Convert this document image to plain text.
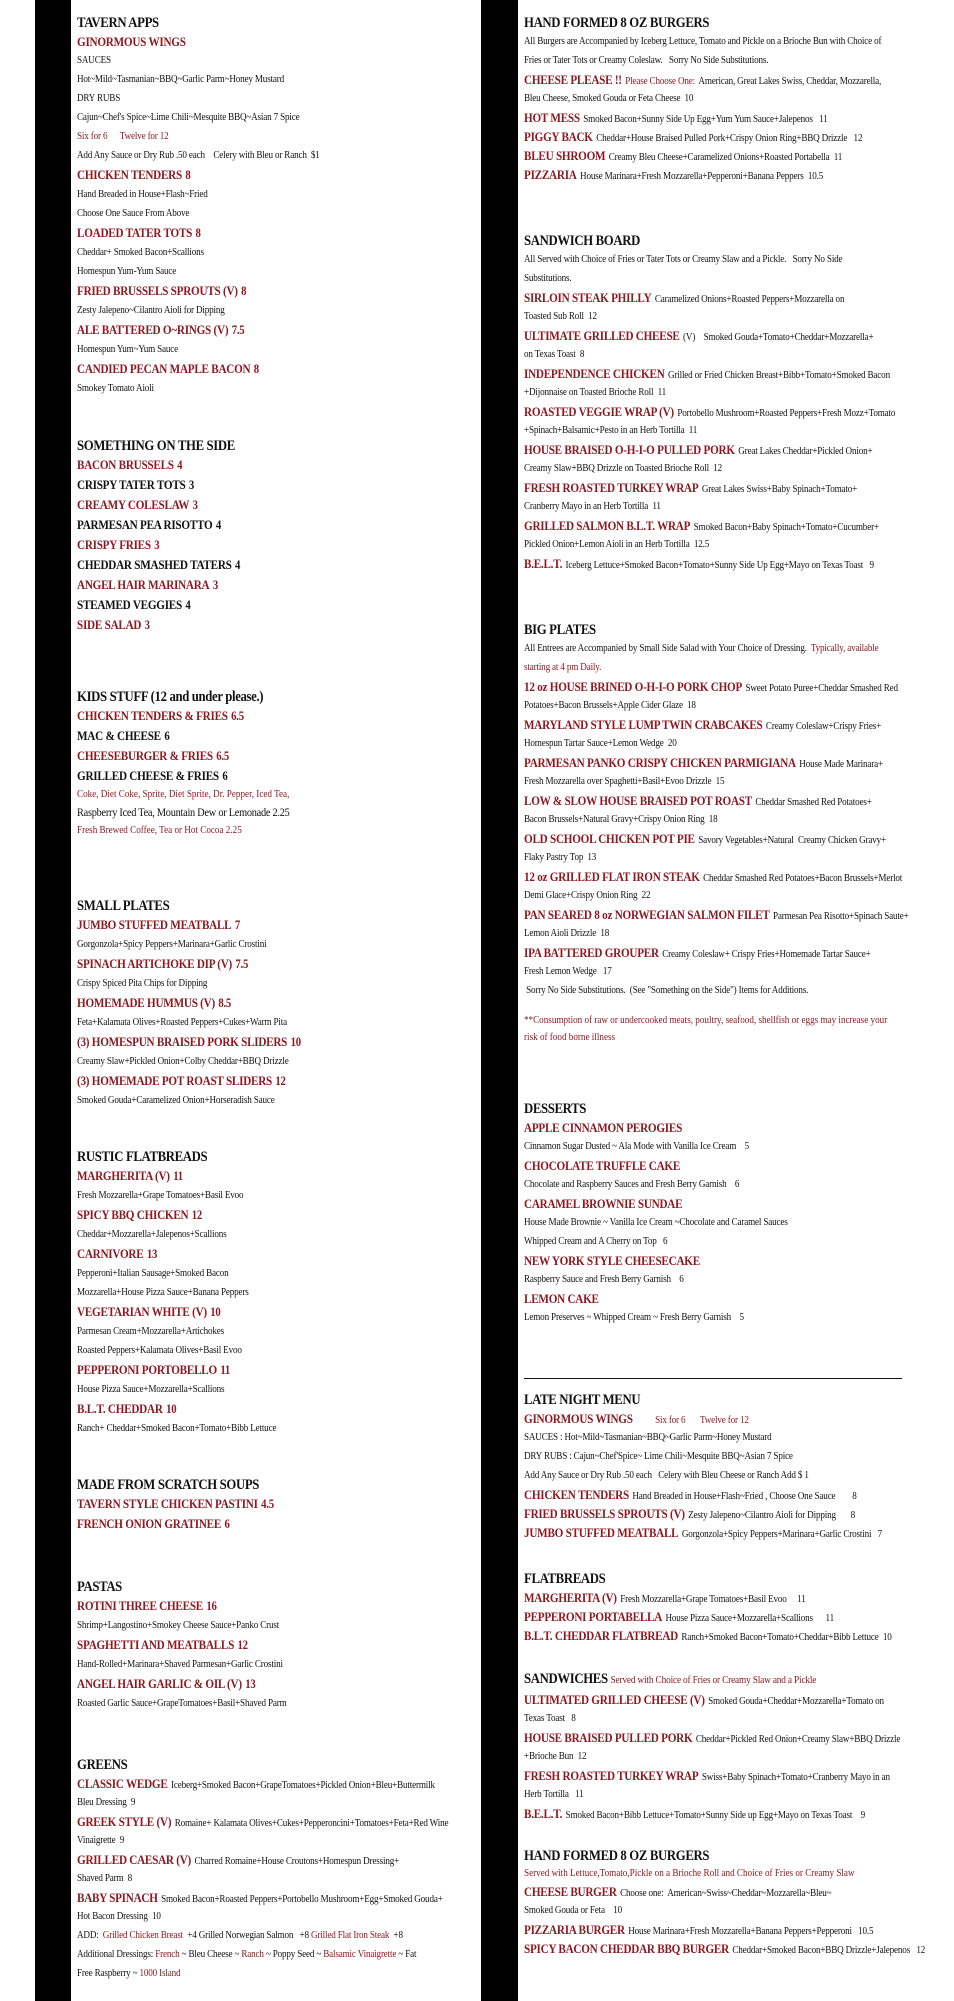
TAVERN APPS
GINORMOUS WINGS
SAUCES
Hot~Mild~Tasmanian~BBQ~Garlic Parm~Honey Mustard
DRY RUBS
Cajun~Chef's Spice~Lime Chili~Mesquite BBQ~Asian 7 Spice
Six for 6      Twelve for 12
Add Any Sauce or Dry Rub .50 each    Celery with Bleu or Ranch  $1
CHICKEN TENDERS 8
Hand Breaded in House+Flash~Fried
Choose One Sauce From Above
LOADED TATER TOTS 8
Cheddar+ Smoked Bacon+Scallions
Homespun Yum-Yum Sauce
FRIED BRUSSELS SPROUTS (V) 8
Zesty Jalepeno~Cilantro Aioli for Dipping
ALE BATTERED O~RINGS (V) 7.5
Homespun Yum~Yum Sauce
CANDIED PECAN MAPLE BACON 8
Smokey Tomato Aioli
SOMETHING ON THE SIDE
BACON BRUSSELS 4
CRISPY TATER TOTS 3
CREAMY COLESLAW 3
PARMESAN PEA RISOTTO 4
CRISPY FRIES 3
CHEDDAR SMASHED TATERS 4
ANGEL HAIR MARINARA 3
STEAMED VEGGIES 4
SIDE SALAD 3
KIDS STUFF (12 and under please.)
CHICKEN TENDERS & FRIES 6.5
MAC & CHEESE 6
CHEESEBURGER & FRIES 6.5
GRILLED CHEESE & FRIES 6
Coke, Diet Coke, Sprite, Diet Sprite, Dr. Pepper, Iced Tea,
Raspberry Iced Tea, Mountain Dew or Lemonade 2.25
Fresh Brewed Coffee, Tea or Hot Cocoa 2.25
SMALL PLATES
JUMBO STUFFED MEATBALL 7
Gorgonzola+Spicy Peppers+Marinara+Garlic Crostini
SPINACH ARTICHOKE DIP (V) 7.5
Crispy Spiced Pita Chips for Dipping
HOMEMADE HUMMUS (V) 8.5
Feta+Kalamata Olives+Roasted Peppers+Cukes+Warm Pita
(3) HOMESPUN BRAISED PORK SLIDERS 10
Creamy Slaw+Pickled Onion+Colby Cheddar+BBQ Drizzle
(3) HOMEMADE POT ROAST SLIDERS 12
Smoked Gouda+Caramelized Onion+Horseradish Sauce
RUSTIC FLATBREADS
MARGHERITA (V) 11
Fresh Mozzarella+Grape Tomatoes+Basil Evoo
SPICY BBQ CHICKEN 12
Cheddar+Mozzarella+Jalepenos+Scallions
CARNIVORE 13
Pepperoni+Italian Sausage+Smoked Bacon
Mozzarella+House Pizza Sauce+Banana Peppers
VEGETARIAN WHITE (V) 10
Parmesan Cream+Mozzarella+Artichokes
Roasted Peppers+Kalamata Olives+Basil Evoo
PEPPERONI PORTOBELLO 11
House Pizza Sauce+Mozzarella+Scallions
B.L.T. CHEDDAR 10
Ranch+ Cheddar+Smoked Bacon+Tomato+Bibb Lettuce
MADE FROM SCRATCH SOUPS
TAVERN STYLE CHICKEN PASTINI 4.5
FRENCH ONION GRATINEE 6
PASTAS
ROTINI THREE CHEESE 16
Shrimp+Langostino+Smokey Cheese Sauce+Panko Crust
SPAGHETTI AND MEATBALLS 12
Hand-Rolled+Marinara+Shaved Parmesan+Garlic Crostini
ANGEL HAIR GARLIC & OIL (V) 13
Roasted Garlic Sauce+GrapeTomatoes+Basil+Shaved Parm
GREENS
CLASSIC WEDGE Iceberg+Smoked Bacon+GrapeTomatoes+Pickled Onion+Bleu+Buttermilk
Bleu Dressing  9
GREEK STYLE (V) Romaine+ Kalamata Olives+Cukes+Pepperoncini+Tomatoes+Feta+Red Wine
Vinaigrette  9
GRILLED CAESAR (V) Charred Romaine+House Croutons+Homespun Dressing+
Shaved Parm  8
BABY SPINACH Smoked Bacon+Roasted Peppers+Portobello Mushroom+Egg+Smoked Gouda+
Hot Bacon Dressing  10
ADD:  Grilled Chicken Breast  +4 Grilled Norwegian Salmon   +8 Grilled Flat Iron Steak  +8
Additional Dressings: French ~ Bleu Cheese ~ Ranch ~ Poppy Seed ~ Balsamic Vinaigrette ~ Fat
Free Raspberry ~ 1000 Island
HAND FORMED 8 OZ BURGERS
All Burgers are Accompanied by Iceberg Lettuce, Tomato and Pickle on a Brioche Bun with Choice of
Fries or Tater Tots or Creamy Coleslaw.   Sorry No Side Substitutions.
CHEESE PLEASE !! Please Choose One: American, Great Lakes Swiss, Cheddar, Mozzarella,
Bleu Cheese, Smoked Gouda or Feta Cheese  10
HOT MESS Smoked Bacon+Sunny Side Up Egg+Yum Yum Sauce+Jalepenos   11
PIGGY BACK Cheddar+House Braised Pulled Pork+Crispy Onion Ring+BBQ Drizzle   12
BLEU SHROOM Creamy Bleu Cheese+Caramelized Onions+Roasted Portabella  11
PIZZARIA House Marinara+Fresh Mozzarella+Pepperoni+Banana Peppers  10.5
SANDWICH BOARD
All Served with Choice of Fries or Tater Tots or Creamy Slaw and a Pickle.   Sorry No Side
Substitutions.
SIRLOIN STEAK PHILLY Caramelized Onions+Roasted Peppers+Mozzarella on
Toasted Sub Roll  12
ULTIMATE GRILLED CHEESE (V)    Smoked Gouda+Tomato+Cheddar+Mozzarella+
on Texas Toast  8
INDEPENDENCE CHICKEN Grilled or Fried Chicken Breast+Bibb+Tomato+Smoked Bacon
+Dijonnaise on Toasted Brioche Roll  11
ROASTED VEGGIE WRAP (V) Portobello Mushroom+Roasted Peppers+Fresh Mozz+Tomato
+Spinach+Balsamic+Pesto in an Herb Tortilla  11
HOUSE BRAISED O-H-I-O PULLED PORK Great Lakes Cheddar+Pickled Onion+
Creamy Slaw+BBQ Drizzle on Toasted Brioche Roll  12
FRESH ROASTED TURKEY WRAP Great Lakes Swiss+Baby Spinach+Tomato+
Cranberry Mayo in an Herb Tortilla  11
GRILLED SALMON B.L.T. WRAP Smoked Bacon+Baby Spinach+Tomato+Cucumber+
Pickled Onion+Lemon Aioli in an Herb Tortilla  12.5
B.E.L.T. Iceberg Lettuce+Smoked Bacon+Tomato+Sunny Side Up Egg+Mayo on Texas Toast   9
BIG PLATES
All Entrees are Accompanied by Small Side Salad with Your Choice of Dressing.  Typically, available
starting at 4 pm Daily.
12 oz HOUSE BRINED O-H-I-O PORK CHOP Sweet Potato Puree+Cheddar Smashed Red
Potatoes+Bacon Brussels+Apple Cider Glaze  18
MARYLAND STYLE LUMP TWIN CRABCAKES Creamy Coleslaw+Crispy Fries+
Homespun Tartar Sauce+Lemon Wedge  20
PARMESAN PANKO CRISPY CHICKEN PARMIGIANA House Made Marinara+
Fresh Mozzarella over Spaghetti+Basil+Evoo Drizzle  15
LOW & SLOW HOUSE BRAISED POT ROAST Cheddar Smashed Red Potatoes+
Bacon Brussels+Natural Gravy+Crispy Onion Ring  18
OLD SCHOOL CHICKEN POT PIE Savory Vegetables+Natural  Creamy Chicken Gravy+
Flaky Pastry Top  13
12 oz GRILLED FLAT IRON STEAK Cheddar Smashed Red Potatoes+Bacon Brussels+Merlot
Demi Glace+Crispy Onion Ring  22
PAN SEARED 8 oz NORWEGIAN SALMON FILET Parmesan Pea Risotto+Spinach Saute+
Lemon Aioli Drizzle  18
IPA BATTERED GROUPER Creamy Coleslaw+ Crispy Fries+Homemade Tartar Sauce+
Fresh Lemon Wedge   17
Sorry No Side Substitutions.  (See "Something on the Side") Items for Additions.
**Consumption of raw or undercooked meats, poultry, seafood, shellfish or eggs may increase your
risk of food borne illness
DESSERTS
APPLE CINNAMON PEROGIES
Cinnamon Sugar Dusted ~ Ala Mode with Vanilla Ice Cream    5
CHOCOLATE TRUFFLE CAKE
Chocolate and Raspberry Sauces and Fresh Berry Garnish    6
CARAMEL BROWNIE SUNDAE
House Made Brownie ~ Vanilla Ice Cream ~Chocolate and Caramel Sauces
Whipped Cream and A Cherry on Top   6
NEW YORK STYLE CHEESECAKE
Raspberry Sauce and Fresh Berry Garnish    6
LEMON CAKE
Lemon Preserves ~ Whipped Cream ~ Fresh Berry Garnish    5
LATE NIGHT MENU
GINORMOUS WINGS          Six for 6       Twelve for 12
SAUCES : Hot~Mild~Tasmanian~BBQ~Garlic Parm~Honey Mustard
DRY RUBS : Cajun~Chef'Spice~ Lime Chili~Mesquite BBQ~Asian 7 Spice
Add Any Sauce or Dry Rub .50 each   Celery with Bleu Cheese or Ranch Add $ 1
CHICKEN TENDERS Hand Breaded in House+Flash~Fried , Choose One Sauce        8
FRIED BRUSSELS SPROUTS (V) Zesty Jalepeno~Cilantro Aioli for Dipping       8
JUMBO STUFFED MEATBALL Gorgonzola+Spicy Peppers+Marinara+Garlic Crostini   7
FLATBREADS
MARGHERITA (V) Fresh Mozzarella+Grape Tomatoes+Basil Evoo     11
PEPPERONI PORTABELLA House Pizza Sauce+Mozzarella+Scallions      11
B.L.T. CHEDDAR FLATBREAD Ranch+Smoked Bacon+Tomato+Cheddar+Bibb Lettuce  10
SANDWICHES Served with Choice of Fries or Creamy Slaw and a Pickle
ULTIMATED GRILLED CHEESE (V) Smoked Gouda+Cheddar+Mozzarella+Tomato on
Texas Toast   8
HOUSE BRAISED PULLED PORK Cheddar+Pickled Red Onion+Creamy Slaw+BBQ Drizzle
+Brioche Bun  12
FRESH ROASTED TURKEY WRAP Swiss+Baby Spinach+Tomato+Cranberry Mayo in an
Herb Tortilla   11
B.E.L.T. Smoked Bacon+Bibb Lettuce+Tomato+Sunny Side up Egg+Mayo on Texas Toast    9
HAND FORMED 8 OZ BURGERS
Served with Lettuce,Tomato,Pickle on a Brioche Roll and Choice of Fries or Creamy Slaw
CHEESE BURGER Choose one:  American~Swiss~Cheddar~Mozzarella~Bleu~
Smoked Gouda or Feta    10
PIZZARIA BURGER House Marinara+Fresh Mozzarella+Banana Peppers+Pepperoni   10.5
SPICY BACON CHEDDAR BBQ BURGER Cheddar+Smoked Bacon+BBQ Drizzle+Jalepenos   12
